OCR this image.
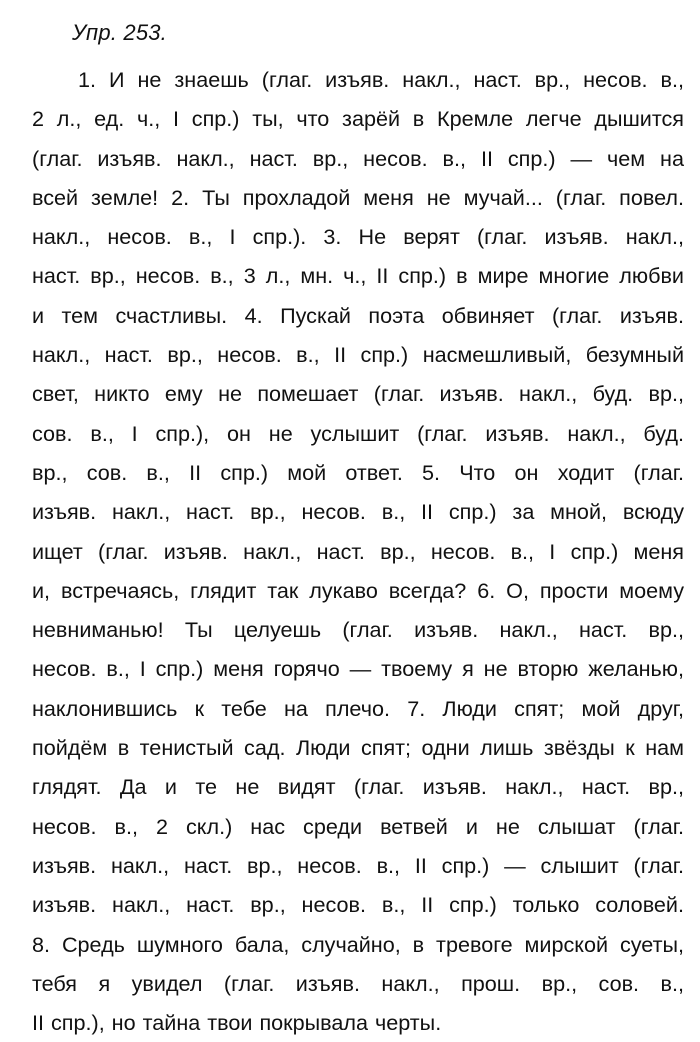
Упр. 253.
1. И не знаешь (глаг. изъяв. накл., наст. вр., несов. в.,
2 л., ед. ч., I спр.) ты, что зарёй в Кремле легче дышится
(глаг. изъяв. накл., наст. вр., несов. в., II спр.) — чем на
всей земле! 2. Ты прохладой меня не мучай... (глаг. повел.
накл., несов. в., I спр.). 3. Не верят (глаг. изъяв. накл.,
наст. вр., несов. в., 3 л., мн. ч., II спр.) в мире многие любви
и тем счастливы. 4. Пускай поэта обвиняет (глаг. изъяв.
накл., наст. вр., несов. в., II спр.) насмешливый, безумный
свет, никто ему не помешает (глаг. изъяв. накл., буд. вр.,
сов. в., I спр.), он не услышит (глаг. изъяв. накл., буд.
вр., сов. в., II спр.) мой ответ. 5. Что он ходит (глаг.
изъяв. накл., наст. вр., несов. в., II спр.) за мной, всюду
ищет (глаг. изъяв. накл., наст. вр., несов. в., I спр.) меня
и, встречаясь, глядит так лукаво всегда? 6. О, прости моему
невниманью! Ты целуешь (глаг. изъяв. накл., наст. вр.,
несов. в., I спр.) меня горячо — твоему я не вторю желанью,
наклонившись к тебе на плечо. 7. Люди спят; мой друг,
пойдём в тенистый сад. Люди спят; одни лишь звёзды к нам
глядят. Да и те не видят (глаг. изъяв. накл., наст. вр.,
несов. в., 2 скл.) нас среди ветвей и не слышат (глаг.
изъяв. накл., наст. вр., несов. в., II спр.) — слышит (глаг.
изъяв. накл., наст. вр., несов. в., II спр.) только соловей.
8. Средь шумного бала, случайно, в тревоге мирской суеты,
тебя я увидел (глаг. изъяв. накл., прош. вр., сов. в.,
II спр.), но тайна твои покрывала черты.
